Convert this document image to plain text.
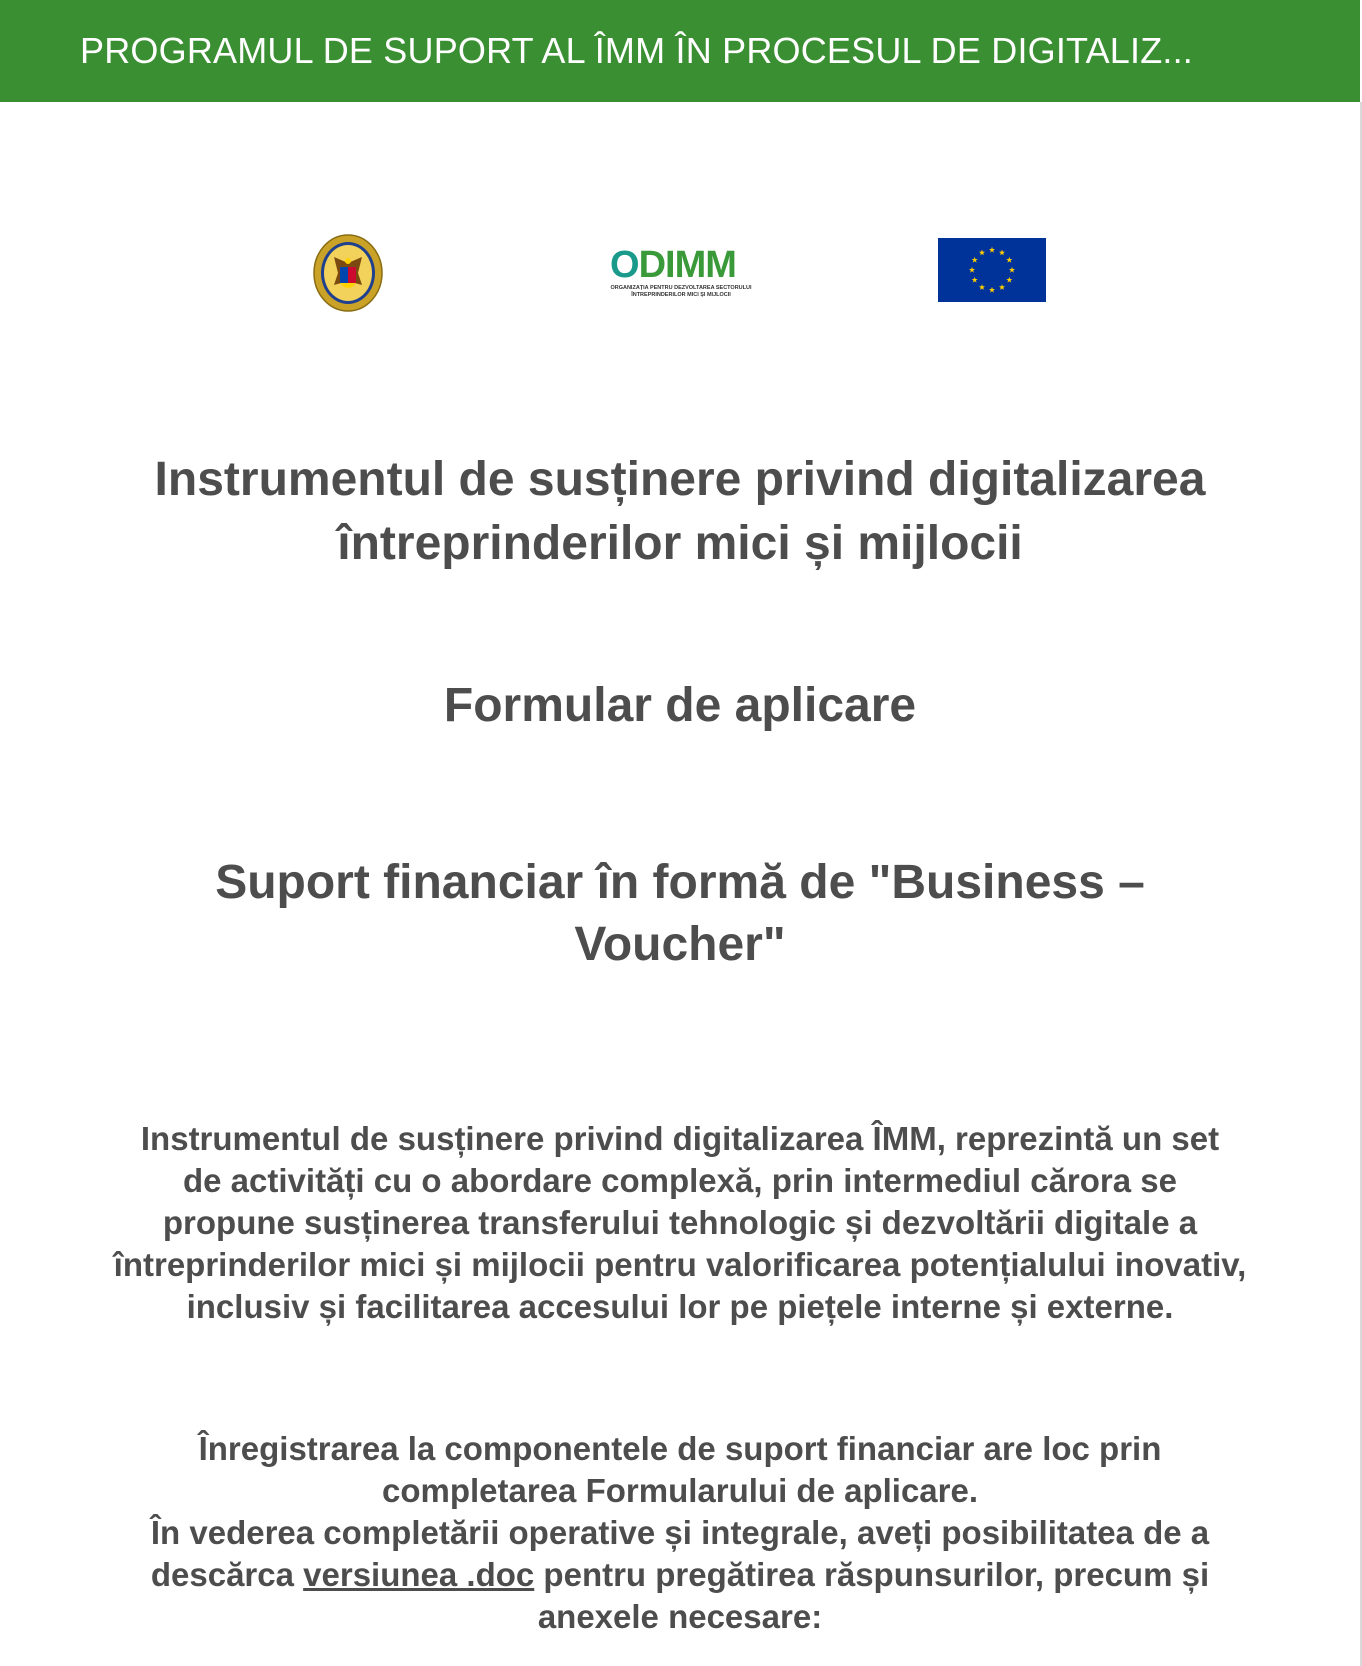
PROGRAMUL DE SUPORT AL ÎMM ÎN PROCESUL DE DIGITALIZ...
ODIMM
ORGANIZAȚIA PENTRU DEZVOLTAREA SECTORULUI
ÎNTREPRINDERILOR MICI ȘI MIJLOCII
Instrumentul de susținere privind digitalizarea
întreprinderilor mici și mijlocii
Formular de aplicare
Suport financiar în formă de "Business –
Voucher"
Instrumentul de susținere privind digitalizarea ÎMM, reprezintă un set
de activități cu o abordare complexă, prin intermediul cărora se
propune susținerea transferului tehnologic și dezvoltării digitale a
întreprinderilor mici și mijlocii pentru valorificarea potențialului inovativ,
inclusiv și facilitarea accesului lor pe piețele interne și externe.
Înregistrarea la componentele de suport financiar are loc prin
completarea Formularului de aplicare.
În vederea completării operative și integrale, aveți posibilitatea de a
descărca versiunea .doc pentru pregătirea răspunsurilor, precum și
anexele necesare:
